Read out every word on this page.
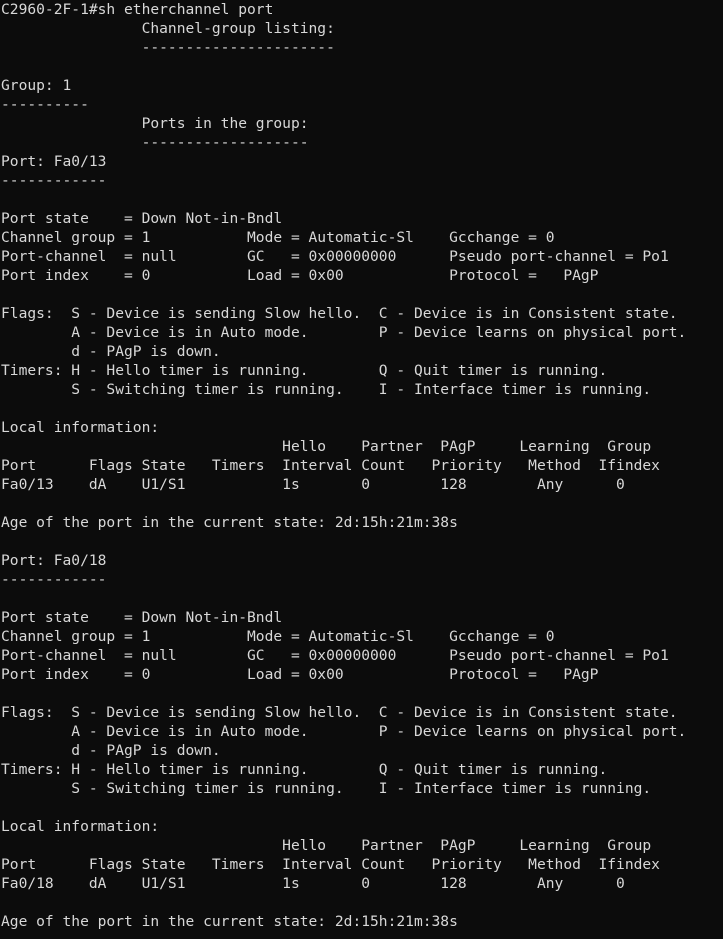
C2960-2F-1#sh etherchannel port
Channel-group listing:
----------------------
Group: 1
----------
Ports in the group:
-------------------
Port: Fa0/13
------------
Port state    = Down Not-in-Bndl
Channel group = 1           Mode = Automatic-Sl    Gcchange = 0
Port-channel  = null        GC   = 0x00000000      Pseudo port-channel = Po1
Port index    = 0           Load = 0x00            Protocol =   PAgP
Flags:  S - Device is sending Slow hello.  C - Device is in Consistent state.
A - Device is in Auto mode.        P - Device learns on physical port.
d - PAgP is down.
Timers: H - Hello timer is running.        Q - Quit timer is running.
S - Switching timer is running.    I - Interface timer is running.
Local information:
Hello    Partner  PAgP     Learning  Group
Port      Flags State   Timers  Interval Count   Priority   Method  Ifindex
Fa0/13    dA    U1/S1           1s       0        128        Any      0
Age of the port in the current state: 2d:15h:21m:38s
Port: Fa0/18
------------
Port state    = Down Not-in-Bndl
Channel group = 1           Mode = Automatic-Sl    Gcchange = 0
Port-channel  = null        GC   = 0x00000000      Pseudo port-channel = Po1
Port index    = 0           Load = 0x00            Protocol =   PAgP
Flags:  S - Device is sending Slow hello.  C - Device is in Consistent state.
A - Device is in Auto mode.        P - Device learns on physical port.
d - PAgP is down.
Timers: H - Hello timer is running.        Q - Quit timer is running.
S - Switching timer is running.    I - Interface timer is running.
Local information:
Hello    Partner  PAgP     Learning  Group
Port      Flags State   Timers  Interval Count   Priority   Method  Ifindex
Fa0/18    dA    U1/S1           1s       0        128        Any      0
Age of the port in the current state: 2d:15h:21m:38s
